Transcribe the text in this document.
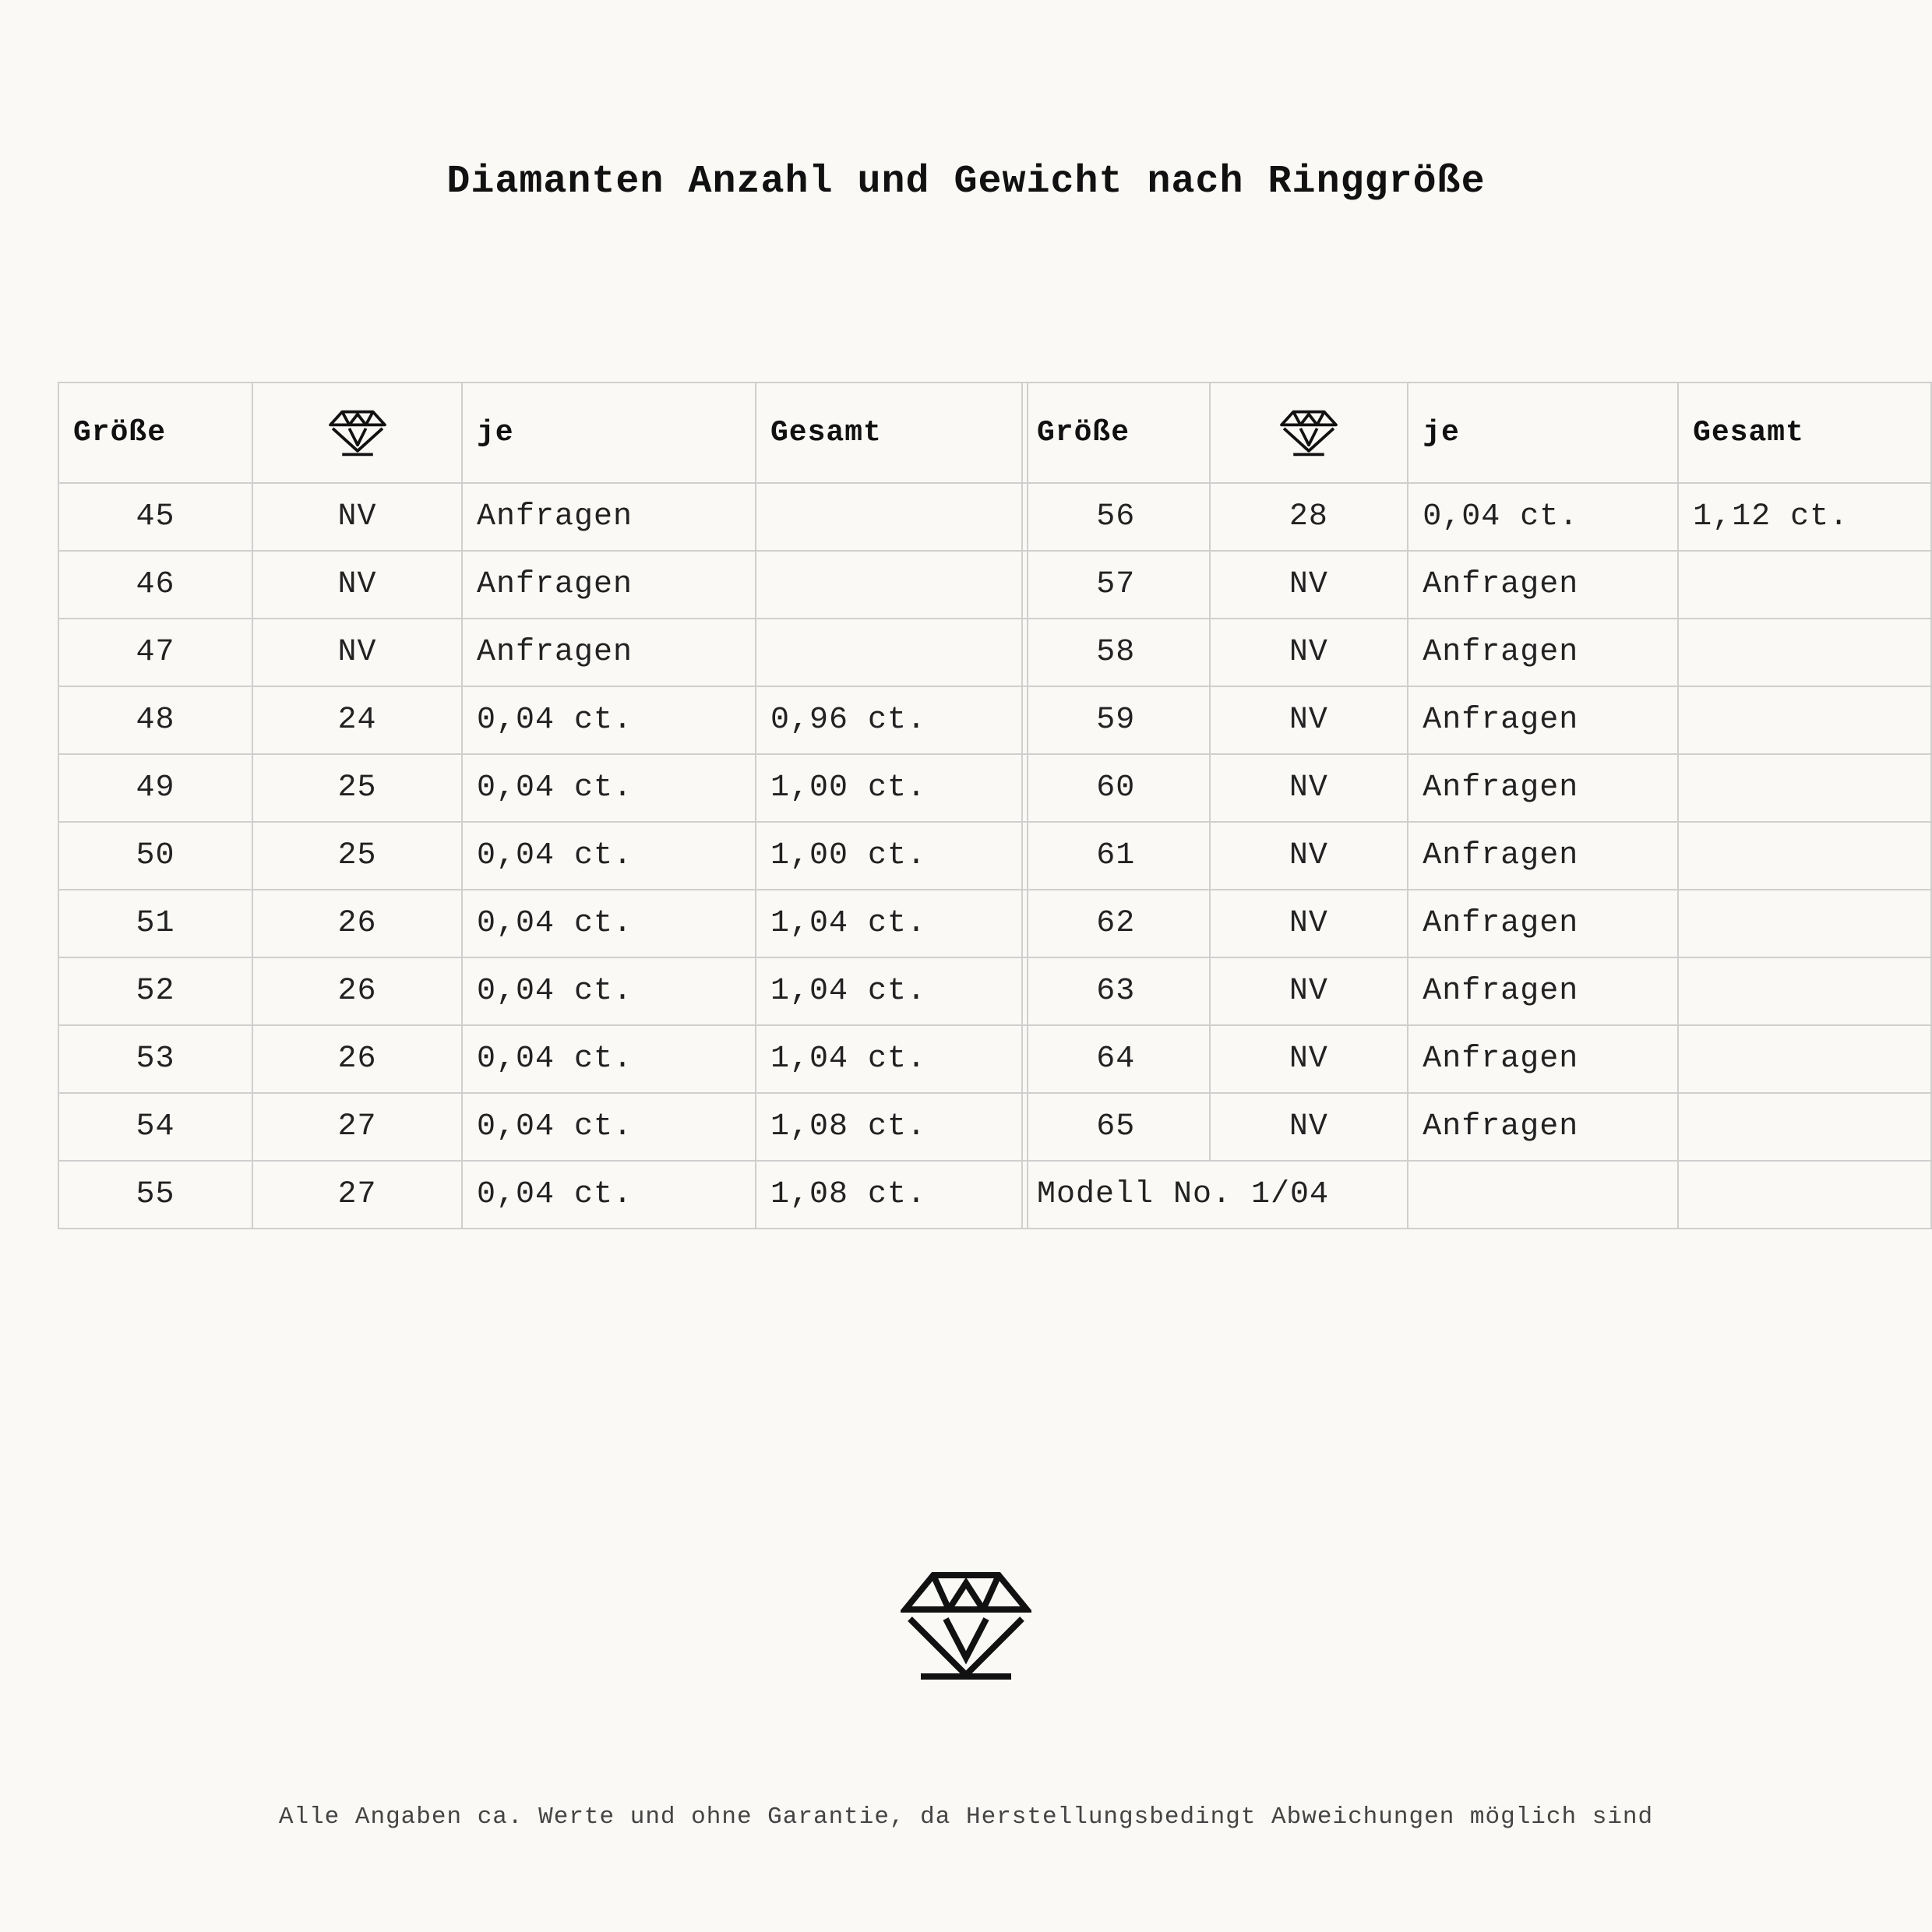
Diamanten Anzahl und Gewicht nach Ringgröße
Größe		je	Gesamt
45	NV	Anfragen	
46	NV	Anfragen	
47	NV	Anfragen	
48	24	0,04 ct.	0,96 ct.
49	25	0,04 ct.	1,00 ct.
50	25	0,04 ct.	1,00 ct.
51	26	0,04 ct.	1,04 ct.
52	26	0,04 ct.	1,04 ct.
53	26	0,04 ct.	1,04 ct.
54	27	0,04 ct.	1,08 ct.
55	27	0,04 ct.	1,08 ct.
Größe		je	Gesamt
56	28	0,04 ct.	1,12 ct.
57	NV	Anfragen	
58	NV	Anfragen	
59	NV	Anfragen	
60	NV	Anfragen	
61	NV	Anfragen	
62	NV	Anfragen	
63	NV	Anfragen	
64	NV	Anfragen	
65	NV	Anfragen	
Modell No. 1/04			
Alle Angaben ca. Werte und ohne Garantie, da Herstellungsbedingt Abweichungen möglich sind
